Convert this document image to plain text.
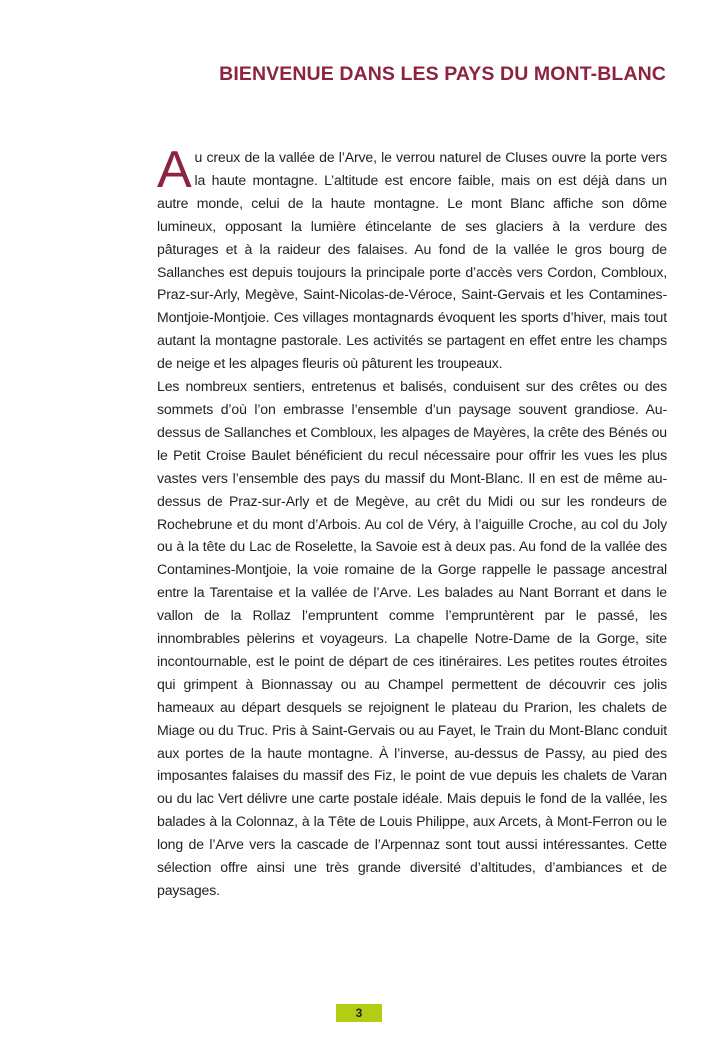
BIENVENUE DANS LES PAYS DU MONT-BLANC

Au creux de la vallée de l’Arve, le verrou naturel de Cluses ouvre la porte vers la haute montagne. L’altitude est encore faible, mais on est déjà dans un autre monde, celui de la haute montagne. Le mont Blanc affiche son dôme lumineux, opposant la lumière étincelante de ses glaciers à la verdure des pâturages et à la raideur des falaises. Au fond de la vallée le gros bourg de Sallanches est depuis toujours la principale porte d’accès vers Cordon, Combloux, Praz-sur-Arly, Megève, Saint-Nicolas-de-Véroce, Saint-Gervais et les Contamines-Montjoie-Montjoie. Ces villages montagnards évoquent les sports d’hiver, mais tout autant la montagne pastorale. Les activités se partagent en effet entre les champs de neige et les alpages fleuris où pâturent les troupeaux.

Les nombreux sentiers, entretenus et balisés, conduisent sur des crêtes ou des sommets d’où l’on embrasse l’ensemble d’un paysage souvent grandiose. Au-dessus de Sallanches et Combloux, les alpages de Mayères, la crête des Bénés ou le Petit Croise Baulet bénéficient du recul nécessaire pour offrir les vues les plus vastes vers l’ensemble des pays du massif du Mont-Blanc. Il en est de même au-dessus de Praz-sur-Arly et de Megève, au crêt du Midi ou sur les rondeurs de Rochebrune et du mont d’Arbois. Au col de Véry, à l’aiguille Croche, au col du Joly ou à la tête du Lac de Roselette, la Savoie est à deux pas. Au fond de la vallée des Contamines-Montjoie, la voie romaine de la Gorge rappelle le passage ancestral entre la Tarentaise et la vallée de l’Arve. Les balades au Nant Borrant et dans le vallon de la Rollaz l’empruntent comme l’empruntèrent par le passé, les innombrables pèlerins et voyageurs. La chapelle Notre-Dame de la Gorge, site incontournable, est le point de départ de ces itinéraires. Les petites routes étroites qui grimpent à Bionnassay ou au Champel permettent de découvrir ces jolis hameaux au départ desquels se rejoignent le plateau du Prarion, les chalets de Miage ou du Truc. Pris à Saint-Gervais ou au Fayet, le Train du Mont-Blanc conduit aux portes de la haute montagne. À l’inverse, au-dessus de Passy, au pied des imposantes falaises du massif des Fiz, le point de vue depuis les chalets de Varan ou du lac Vert délivre une carte postale idéale. Mais depuis le fond de la vallée, les balades à la Colonnaz, à la Tête de Louis Philippe, aux Arcets, à Mont-Ferron ou le long de l’Arve vers la cascade de l’Arpennaz sont tout aussi intéressantes. Cette sélection offre ainsi une très grande diversité d’altitudes, d’ambiances et de paysages.

3
